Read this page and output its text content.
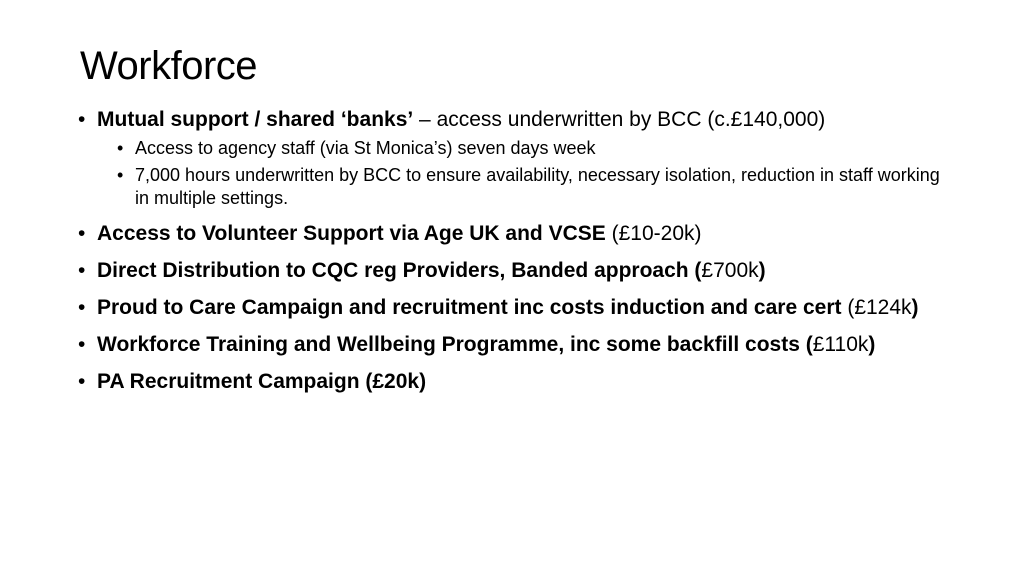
Workforce
• Mutual support / shared ‘banks’ – access underwritten by BCC (c.£140,000)
• Access to agency staff (via St Monica’s) seven days week
• 7,000 hours underwritten by BCC to ensure availability, necessary isolation, reduction in staff working in multiple settings.
• Access to Volunteer Support via Age UK and VCSE (£10-20k)
• Direct Distribution to CQC reg Providers, Banded approach (£700k)
• Proud to Care Campaign and recruitment inc costs induction and care cert (£124k)
• Workforce Training and Wellbeing Programme, inc some backfill costs (£110k)
• PA Recruitment Campaign (£20k)
